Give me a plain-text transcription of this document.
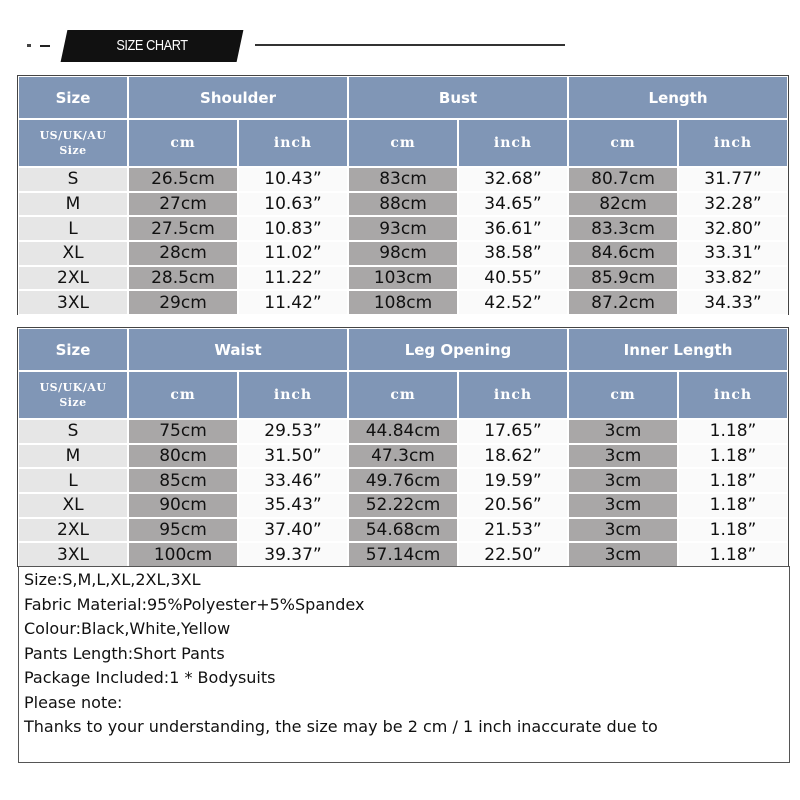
SIZE CHART
Size	Shoulder		Bust		Length	

US/UK/AU
Size	cm	inch	cm	inch	cm	inch
S	26.5cm	10.43”	83cm	32.68”	80.7cm	31.77”
M	27cm	10.63”	88cm	34.65”	82cm	32.28”
L	27.5cm	10.83”	93cm	36.61”	83.3cm	32.80”
XL	28cm	11.02”	98cm	38.58”	84.6cm	33.31”
2XL	28.5cm	11.22”	103cm	40.55”	85.9cm	33.82”
3XL	29cm	11.42”	108cm	42.52”	87.2cm	34.33”
Size	Waist		Leg Opening		Inner Length	

US/UK/AU
Size	cm	inch	cm	inch	cm	inch
S	75cm	29.53”	44.84cm	17.65”	3cm	1.18”
M	80cm	31.50”	47.3cm	18.62”	3cm	1.18”
L	85cm	33.46”	49.76cm	19.59”	3cm	1.18”
XL	90cm	35.43”	52.22cm	20.56”	3cm	1.18”
2XL	95cm	37.40”	54.68cm	21.53”	3cm	1.18”
3XL	100cm	39.37”	57.14cm	22.50”	3cm	1.18”
Size:S,M,L,XL,2XL,3XL
Fabric Material:95%Polyester+5%Spandex
Colour:Black,White,Yellow
Pants Length:Short Pants
Package Included:1 * Bodysuits
Please note:
Thanks to your understanding, the size may be 2 cm / 1 inch inaccurate due to
